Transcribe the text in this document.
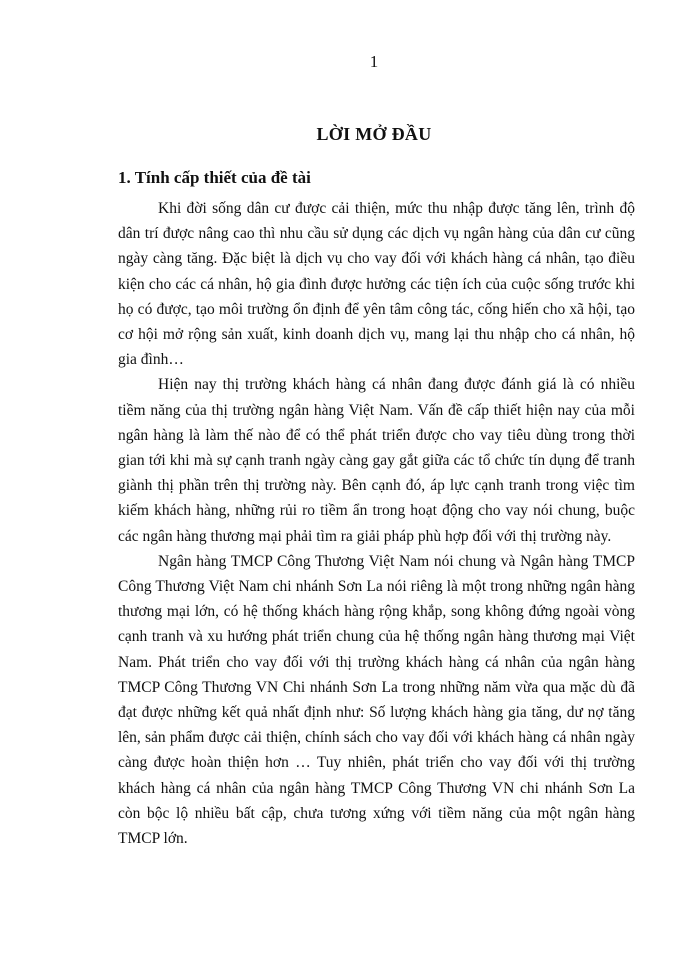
1
LỜI MỞ ĐẦU
1. Tính cấp thiết của đề tài

Khi đời sống dân cư được cải thiện, mức thu nhập được tăng lên, trình độ dân trí được nâng cao thì nhu cầu sử dụng các dịch vụ ngân hàng của dân cư cũng ngày càng tăng. Đặc biệt là dịch vụ cho vay đối với khách hàng cá nhân, tạo điều kiện cho các cá nhân, hộ gia đình được hưởng các tiện ích của cuộc sống trước khi họ có được, tạo môi trường ổn định để yên tâm công tác, cống hiến cho xã hội, tạo cơ hội mở rộng sản xuất, kinh doanh dịch vụ, mang lại thu nhập cho cá nhân, hộ gia đình…

Hiện nay thị trường khách hàng cá nhân đang được đánh giá là có nhiều tiềm năng của thị trường ngân hàng Việt Nam. Vấn đề cấp thiết hiện nay của mỗi ngân hàng là làm thế nào để có thể phát triển được cho vay tiêu dùng trong thời gian tới khi mà sự cạnh tranh ngày càng gay gắt giữa các tổ chức tín dụng để tranh giành thị phần trên thị trường này. Bên cạnh đó, áp lực cạnh tranh trong việc tìm kiếm khách hàng, những rủi ro tiềm ẩn trong hoạt động cho vay nói chung, buộc các ngân hàng thương mại phải tìm ra giải pháp phù hợp đối với thị trường này.

Ngân hàng TMCP Công Thương Việt Nam nói chung và Ngân hàng TMCP Công Thương Việt Nam chi nhánh Sơn La nói riêng là một trong những ngân hàng thương mại lớn, có hệ thống khách hàng rộng khắp, song không đứng ngoài vòng cạnh tranh và xu hướng phát triển chung của hệ thống ngân hàng thương mại Việt Nam. Phát triển cho vay đối với thị trường khách hàng cá nhân của ngân hàng TMCP Công Thương VN Chi nhánh Sơn La trong những năm vừa qua mặc dù đã đạt được những kết quả nhất định như: Số lượng khách hàng gia tăng, dư nợ tăng lên, sản phẩm được cải thiện, chính sách cho vay đối với khách hàng cá nhân ngày càng được hoàn thiện hơn … Tuy nhiên, phát triển cho vay đối với thị trường khách hàng cá nhân của ngân hàng TMCP Công Thương VN chi nhánh Sơn La còn bộc lộ nhiều bất cập, chưa tương xứng với tiềm năng của một ngân hàng TMCP lớn.
